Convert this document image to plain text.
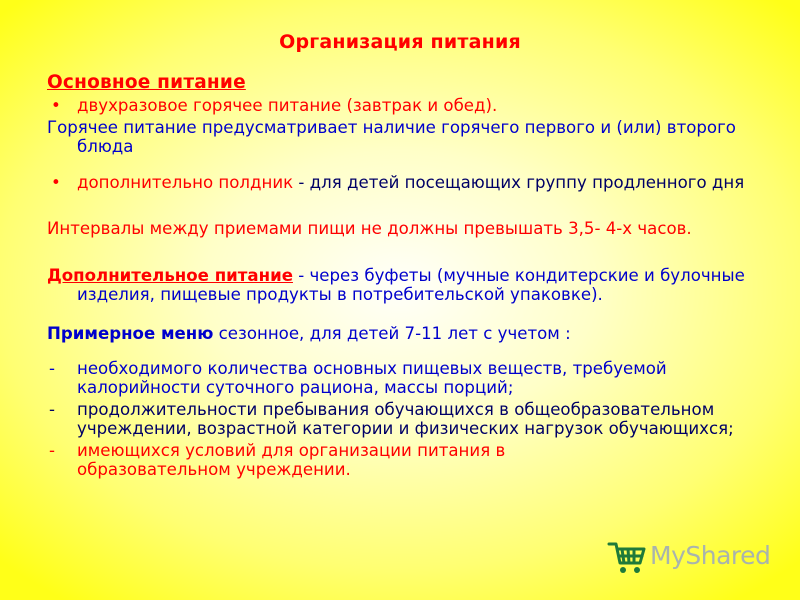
Организация питания

Основное питание

• двухразовое горячее питание (завтрак и обед).

Горячее питание предусматривает наличие горячего первого и (или) второго блюда

• дополнительно полдник - для детей посещающих группу продленного дня

Интервалы между приемами пищи не должны превышать 3,5- 4-х часов.

Дополнительное питание - через буфеты (мучные кондитерские и булочные изделия, пищевые продукты в потребительской упаковке).

Примерное меню сезонное, для детей 7-11 лет с учетом :

- необходимого количества основных пищевых веществ, требуемой калорийности суточного рациона, массы порций;

- продолжительности пребывания обучающихся в общеобразовательном учреждении, возрастной категории и физических нагрузок обучающихся;

- имеющихся условий для организации питания в образовательном учреждении.

MyShared
